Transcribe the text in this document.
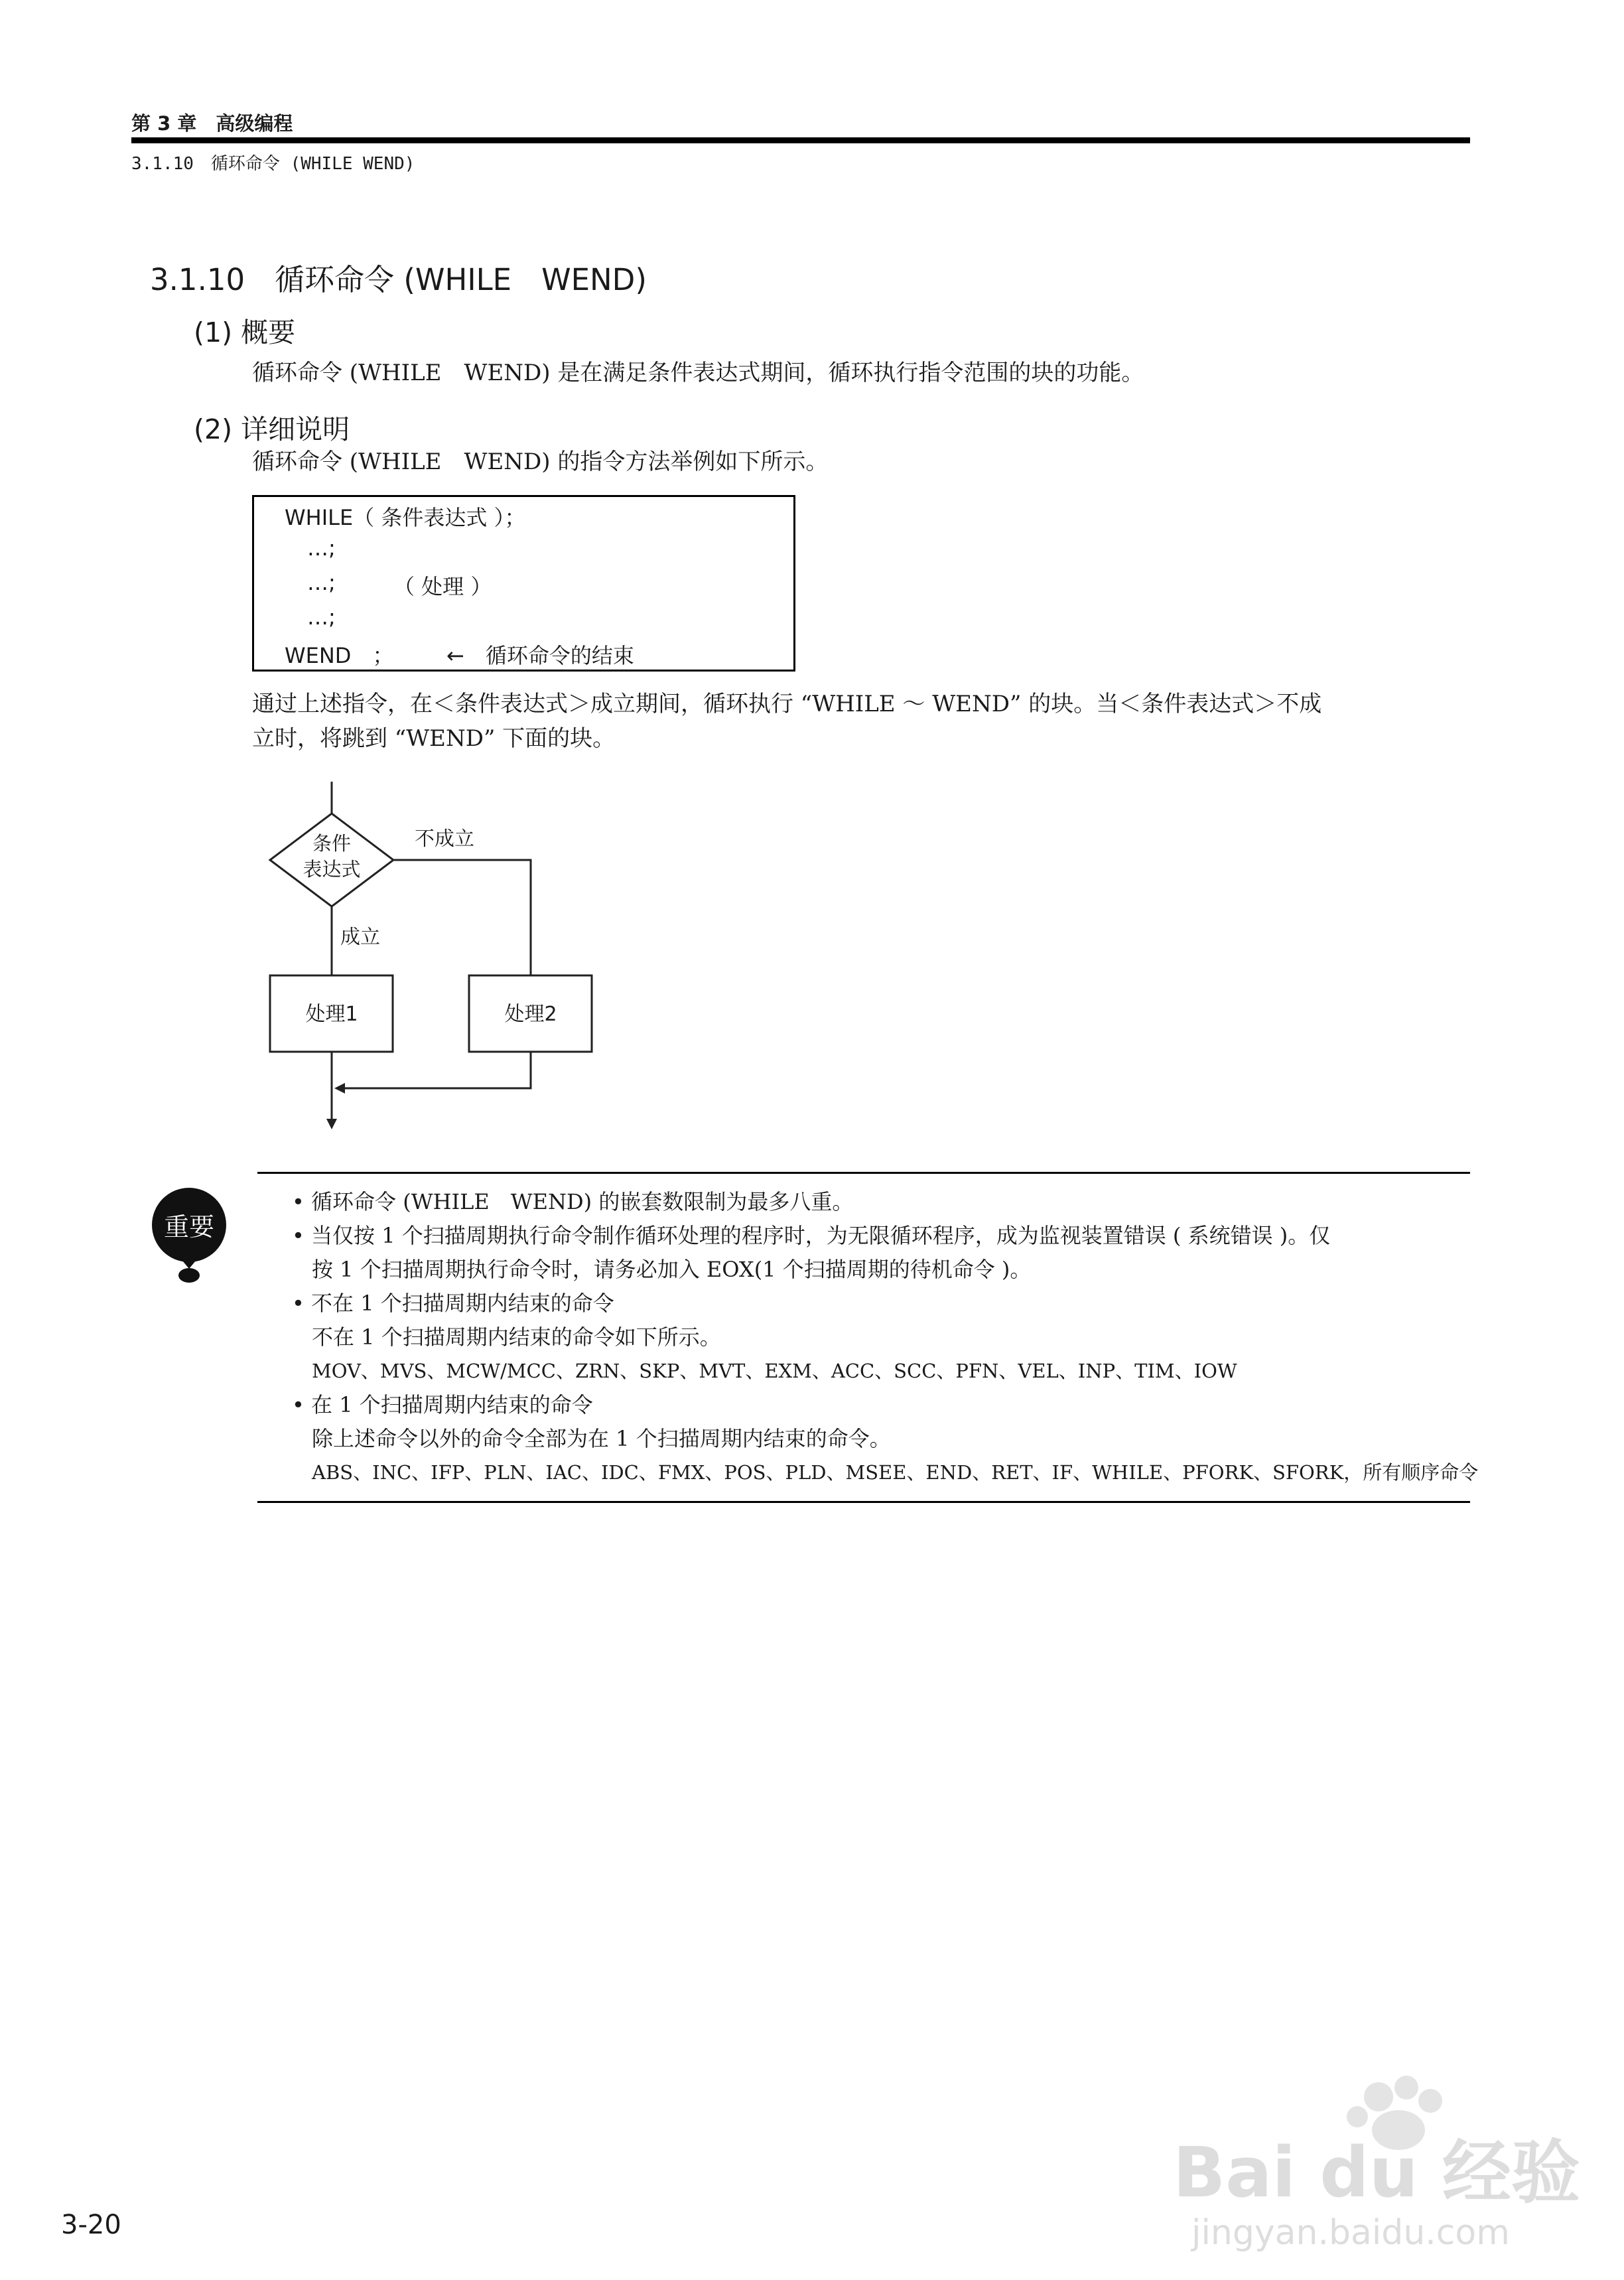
第 3 章　高级编程
3.1.10　循环命令 (WHILE WEND)
3.1.10　循环命令 (WHILE　WEND)
(1) 概要
循环命令 (WHILE　WEND) 是在满足条件表达式期间，循环执行指令范围的块的功能。
(2) 详细说明
循环命令 (WHILE　WEND) 的指令方法举例如下所示。
WHILE（ 条件表达式 ）；
…;
…;	（ 处理 ）
…;
WEND　； ←　循环命令的结束
通过上述指令，在＜条件表达式＞成立期间，循环执行 “WHILE ～ WEND” 的块。当＜条件表达式＞不成
立时，将跳到 “WEND” 下面的块。
条件
表达式
不成立
成立
处理1	处理2
重要
• 循环命令 (WHILE　WEND) 的嵌套数限制为最多八重。
• 当仅按 1 个扫描周期执行命令制作循环处理的程序时，为无限循环程序，成为监视装置错误 ( 系统错误 )。仅
按 1 个扫描周期执行命令时，请务必加入 EOX(1 个扫描周期的待机命令 )。
• 不在 1 个扫描周期内结束的命令
不在 1 个扫描周期内结束的命令如下所示。
MOV、MVS、MCW/MCC、ZRN、SKP、MVT、EXM、ACC、SCC、PFN、VEL、INP、TIM、IOW
• 在 1 个扫描周期内结束的命令
除上述命令以外的命令全部为在 1 个扫描周期内结束的命令。
ABS、INC、IFP、PLN、IAC、IDC、FMX、POS、PLD、MSEE、END、RET、IF、WHILE、PFORK、SFORK，所有顺序命令
3-20
Bai du 经验
jingyan.baidu.com
